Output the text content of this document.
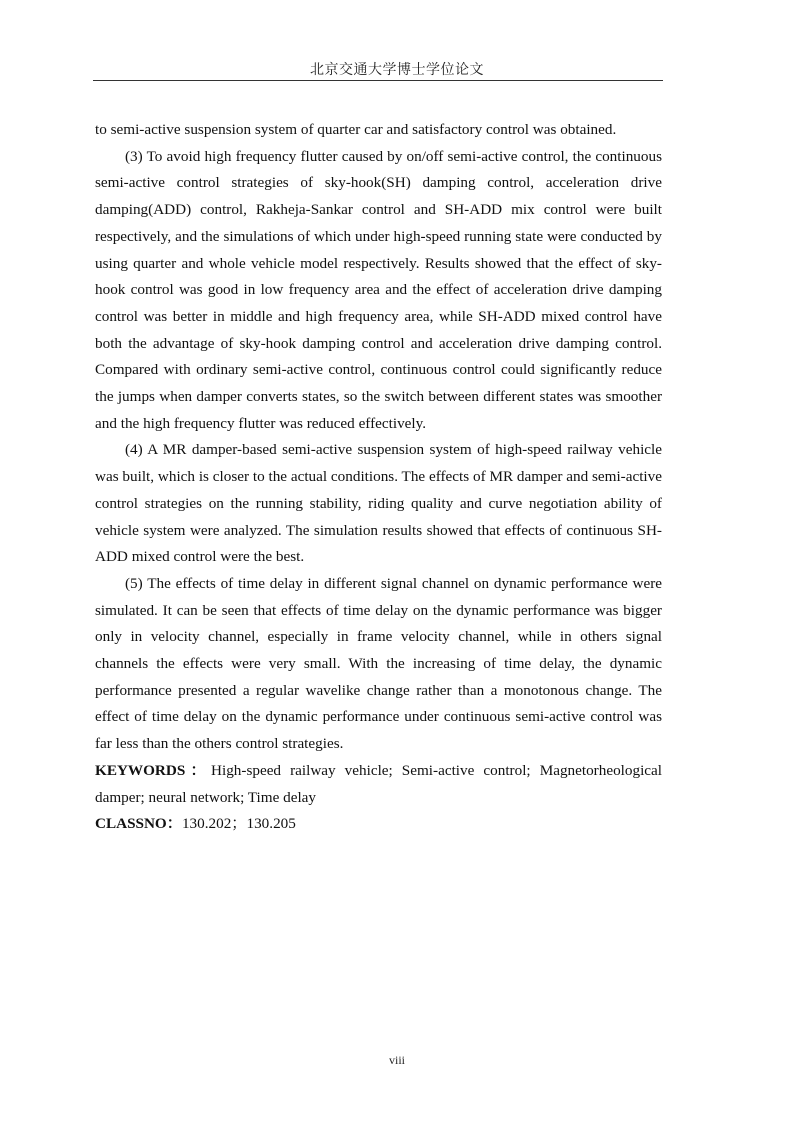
北京交通大学博士学位论文

to semi-active suspension system of quarter car and satisfactory control was obtained.

(3) To avoid high frequency flutter caused by on/off semi-active control, the continuous semi-active control strategies of sky-hook(SH) damping control, acceleration drive damping(ADD) control, Rakheja-Sankar control and SH-ADD mix control were built respectively, and the simulations of which under high-speed running state were conducted by using quarter and whole vehicle model respectively. Results showed that the effect of sky-hook control was good in low frequency area and the effect of acceleration drive damping control was better in middle and high frequency area, while SH-ADD mixed control have both the advantage of sky-hook damping control and acceleration drive damping control. Compared with ordinary semi-active control, continuous control could significantly reduce the jumps when damper converts states, so the switch between different states was smoother and the high frequency flutter was reduced effectively.

(4) A MR damper-based semi-active suspension system of high-speed railway vehicle was built, which is closer to the actual conditions. The effects of MR damper and semi-active control strategies on the running stability, riding quality and curve negotiation ability of vehicle system were analyzed. The simulation results showed that effects of continuous SH-ADD mixed control were the best.

(5) The effects of time delay in different signal channel on dynamic performance were simulated. It can be seen that effects of time delay on the dynamic performance was bigger only in velocity channel, especially in frame velocity channel, while in others signal channels the effects were very small. With the increasing of time delay, the dynamic performance presented a regular wavelike change rather than a monotonous change. The effect of time delay on the dynamic performance under continuous semi-active control was far less than the others control strategies.

KEYWORDS：High-speed railway vehicle; Semi-active control; Magnetorheological damper; neural network; Time delay

CLASSNO：130.202；130.205

viii
